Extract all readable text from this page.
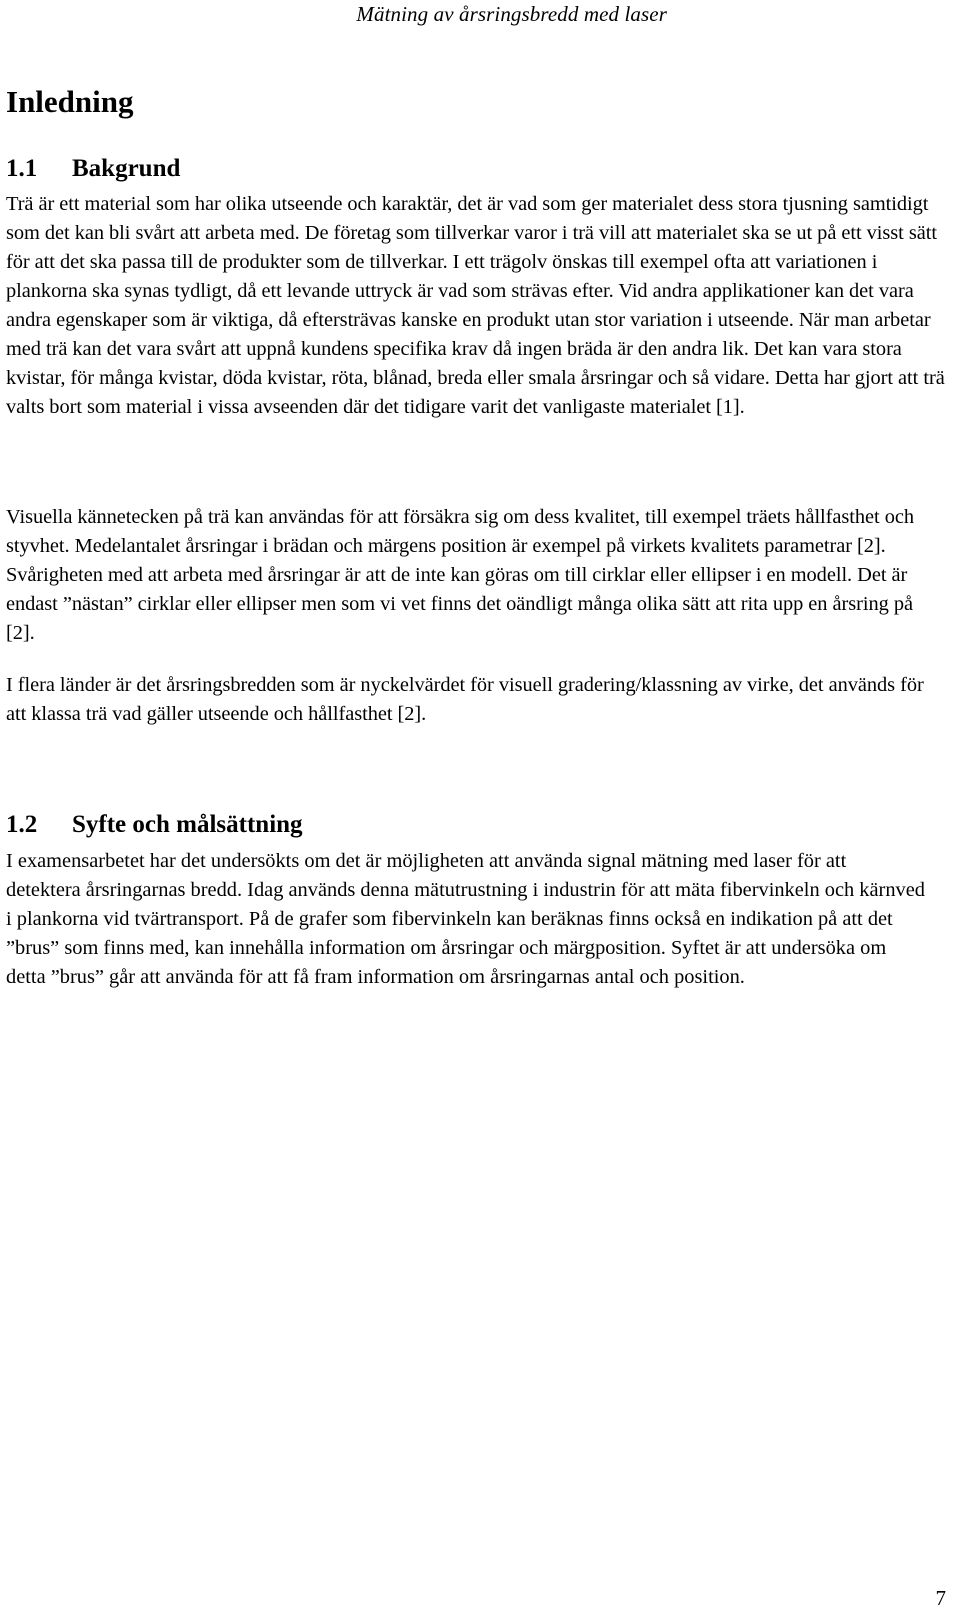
Mätning av årsringsbredd med laser
Inledning
1.1 Bakgrund

Trä är ett material som har olika utseende och karaktär, det är vad som ger materialet dess stora tjusning samtidigt som det kan bli svårt att arbeta med. De företag som tillverkar varor i trä vill att materialet ska se ut på ett visst sätt för att det ska passa till de produkter som de tillverkar. I ett trägolv önskas till exempel ofta att variationen i plankorna ska synas tydligt, då ett levande uttryck är vad som strävas efter. Vid andra applikationer kan det vara andra egenskaper som är viktiga, då eftersträvas kanske en produkt utan stor variation i utseende. När man arbetar med trä kan det vara svårt att uppnå kundens specifika krav då ingen bräda är den andra lik. Det kan vara stora kvistar, för många kvistar, döda kvistar, röta, blånad, breda eller smala årsringar och så vidare. Detta har gjort att trä valts bort som material i vissa avseenden där det tidigare varit det vanligaste materialet [1].

Visuella kännetecken på trä kan användas för att försäkra sig om dess kvalitet, till exempel träets hållfasthet och styvhet. Medelantalet årsringar i brädan och märgens position är exempel på virkets kvalitets parametrar [2]. Svårigheten med att arbeta med årsringar är att de inte kan göras om till cirklar eller ellipser i en modell. Det är endast ”nästan” cirklar eller ellipser men som vi vet finns det oändligt många olika sätt att rita upp en årsring på [2].

I flera länder är det årsringsbredden som är nyckelvärdet för visuell gradering/klassning av virke, det används för att klassa trä vad gäller utseende och hållfasthet [2].

1.2 Syfte och målsättning

I examensarbetet har det undersökts om det är möjligheten att använda signal mätning med laser för att detektera årsringarnas bredd. Idag används denna mätutrustning i industrin för att mäta fibervinkeln och kärnved i plankorna vid tvärtransport. På de grafer som fibervinkeln kan beräknas finns också en indikation på att det ”brus” som finns med, kan innehålla information om årsringar och märgposition. Syftet är att undersöka om detta ”brus” går att använda för att få fram information om årsringarnas antal och position.

7
